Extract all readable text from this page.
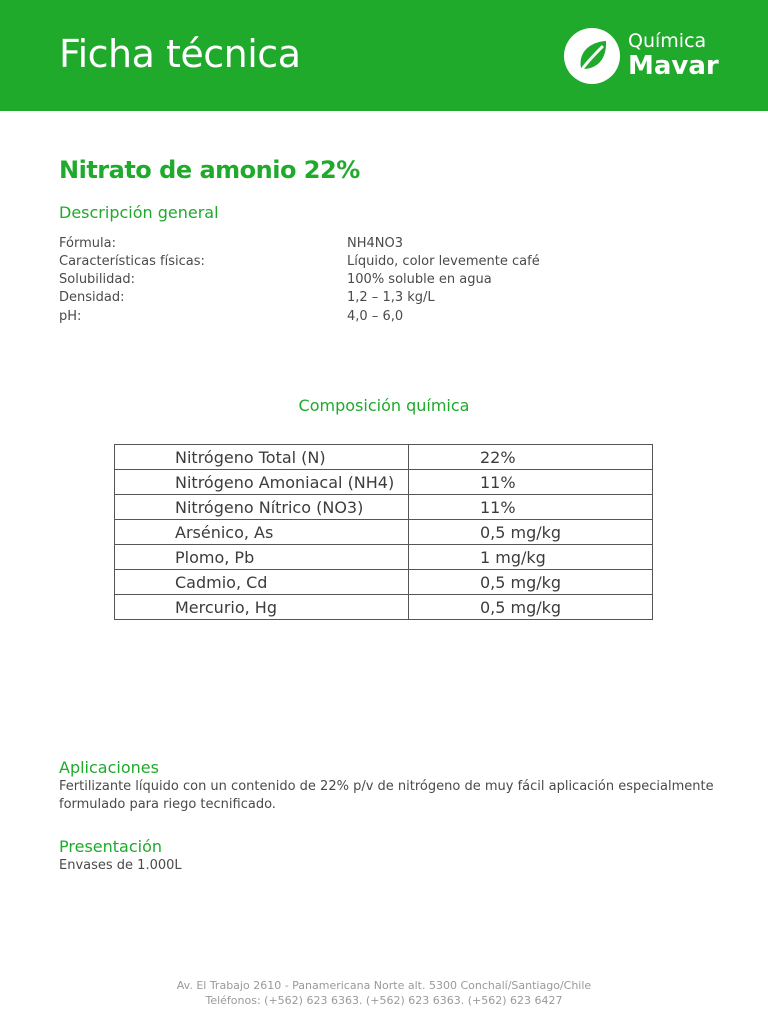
Ficha técnica	Química
Mavar
Nitrato de amonio 22%
Descripción general
Fórmula:	NH4NO3
Características físicas:	Líquido, color levemente café
Solubilidad:	100% soluble en agua
Densidad:	1,2 – 1,3 kg/L
pH:	4,0 – 6,0
Composición química
Nitrógeno Total (N)	22%
Nitrógeno Amoniacal (NH4)	11%
Nitrógeno Nítrico (NO3)	11%
Arsénico, As	0,5 mg/kg
Plomo, Pb	1 mg/kg
Cadmio, Cd	0,5 mg/kg
Mercurio, Hg	0,5 mg/kg
Aplicaciones
Fertilizante líquido con un contenido de 22% p/v de nitrógeno de muy fácil aplicación especialmente
formulado para riego tecnificado.
Presentación
Envases de 1.000L
Av. El Trabajo 2610 - Panamericana Norte alt. 5300 Conchalí/Santiago/Chile
Teléfonos: (+562) 623 6363. (+562) 623 6363. (+562) 623 6427
